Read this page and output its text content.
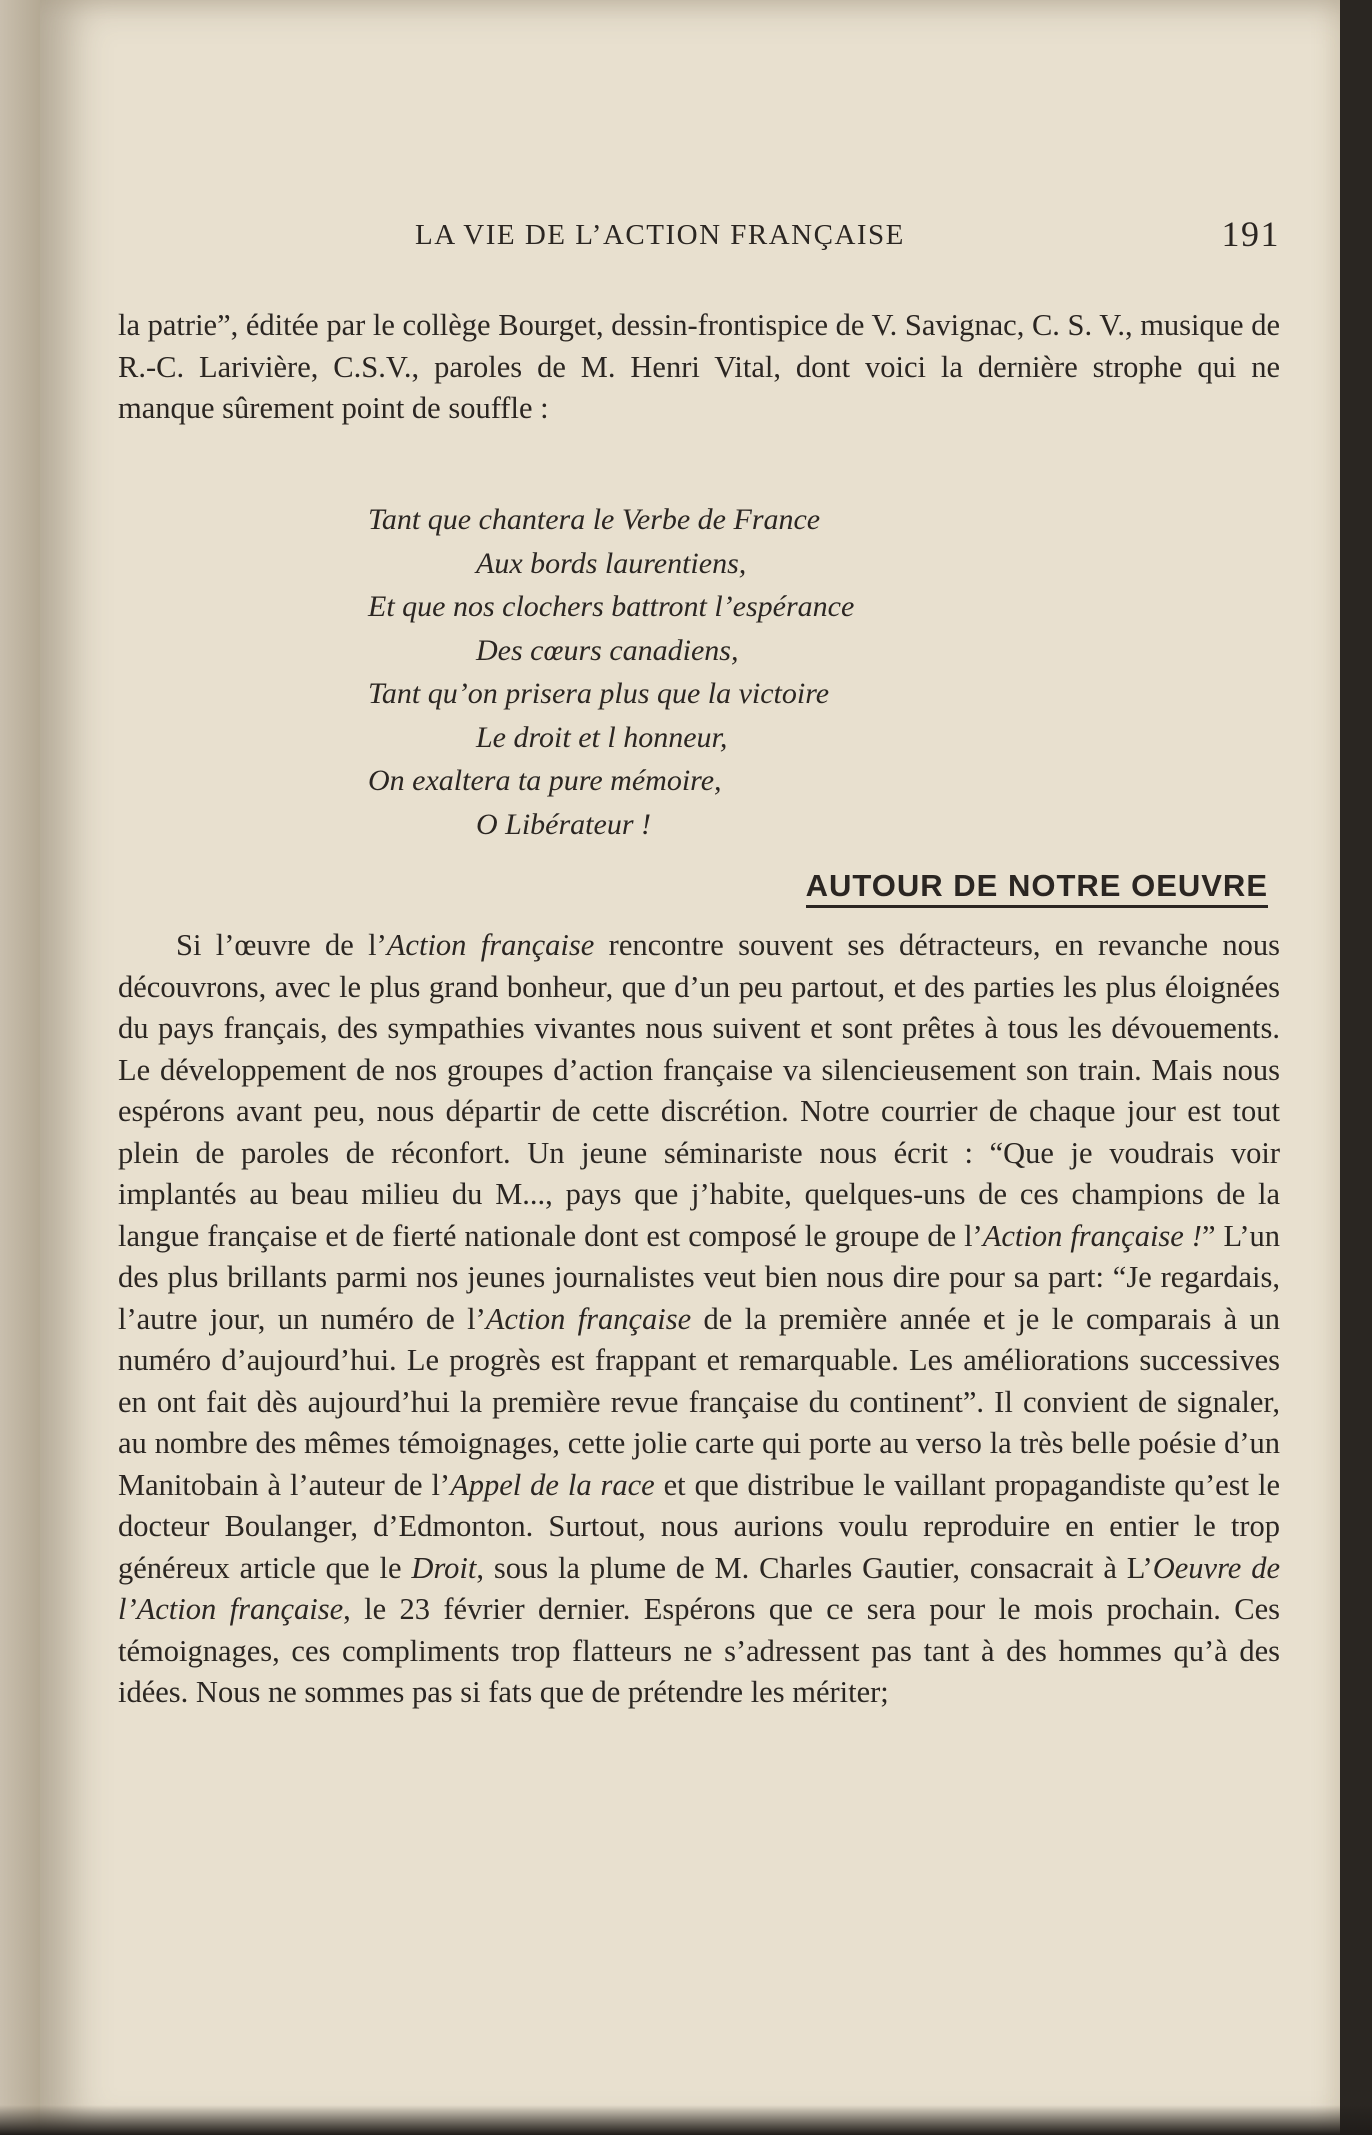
LA VIE DE L’ACTION FRANÇAISE	191
la patrie”, éditée par le collège Bourget, dessin-frontispice de V. Savignac, C. S. V., musique de R.-C. Larivière, C.S.V., paroles de M. Henri Vital, dont voici la dernière strophe qui ne manque sûrement point de souffle :
Tant que chantera le Verbe de France
Aux bords laurentiens,
Et que nos clochers battront l’espérance
Des cœurs canadiens,
Tant qu’on prisera plus que la victoire
Le droit et l honneur,
On exaltera ta pure mémoire,
O Libérateur !
AUTOUR DE NOTRE OEUVRE
Si l’œuvre de l’Action française rencontre souvent ses détracteurs, en revanche nous découvrons, avec le plus grand bonheur, que d’un peu partout, et des parties les plus éloignées du pays français, des sympathies vivantes nous suivent et sont prêtes à tous les dévouements. Le développement de nos groupes d’action française va silencieusement son train. Mais nous espérons avant peu, nous départir de cette discrétion. Notre courrier de chaque jour est tout plein de paroles de réconfort. Un jeune séminariste nous écrit : “Que je voudrais voir implantés au beau milieu du M..., pays que j’habite, quelques-uns de ces champions de la langue française et de fierté nationale dont est composé le groupe de l’Action française !” L’un des plus brillants parmi nos jeunes journalistes veut bien nous dire pour sa part: “Je regardais, l’autre jour, un numéro de l’Action française de la première année et je le comparais à un numéro d’aujourd’hui. Le progrès est frappant et remarquable. Les améliorations successives en ont fait dès aujourd’hui la première revue française du continent”. Il convient de signaler, au nombre des mêmes témoignages, cette jolie carte qui porte au verso la très belle poésie d’un Manitobain à l’auteur de l’Appel de la race et que distribue le vaillant propagandiste qu’est le docteur Boulanger, d’Edmonton. Surtout, nous aurions voulu reproduire en entier le trop généreux article que le Droit, sous la plume de M. Charles Gautier, consacrait à L’Oeuvre de l’Action française, le 23 février dernier. Espérons que ce sera pour le mois prochain. Ces témoignages, ces compliments trop flatteurs ne s’adressent pas tant à des hommes qu’à des idées. Nous ne sommes pas si fats que de prétendre les mériter;
